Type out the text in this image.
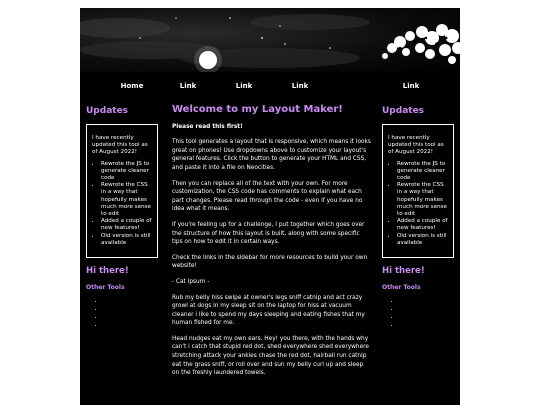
Home	Link	Link	Link	Link
Updates

I have recently updated this tool as of August 2022!

• Rewrote the JS to generate cleaner code
• Rewrote the CSS in a way that hopefully makes much more sense to edit
• Added a couple of new features!
• Old version is still available
Hi there!
Other Tools
•
•
•
•
Welcome to my Layout Maker!

Please read this first!

This tool generates a layout that is responsive, which means it looks great on phones! Use dropdowns above to customize your layout's general features. Click the button to generate your HTML and CSS, and paste it into a file on Neocities.

Then you can replace all of the text with your own. For more customization, the CSS code has comments to explain what each part changes. Please read through the code - even if you have no idea what it means.

If you're feeling up for a challenge, I put together which goes over the structure of how this layout is built, along with some specific tips on how to edit it in certain ways.

Check the links in the sidebar for more resources to build your own website!

- Cat Ipsum -

Rub my belly hiss swipe at owner's legs sniff catnip and act crazy growl at dogs in my sleep sit on the laptop for hiss at vacuum cleaner i like to spend my days sleeping and eating fishes that my human fished for me.

Head nudges eat my own ears. Hey! you there, with the hands why can't i catch that stupid red dot, shed everywhere shed everywhere stretching attack your ankles chase the red dot, hairball run catnip eat the grass sniff, or roll over and sun my belly curl up and sleep on the freshly laundered towels.

Updates

I have recently updated this tool as of August 2022!

• Rewrote the JS to generate cleaner code
• Rewrote the CSS in a way that hopefully makes much more sense to edit
• Added a couple of new features!
• Old version is still available
Hi there!
Other Tools
•
•
•
•
